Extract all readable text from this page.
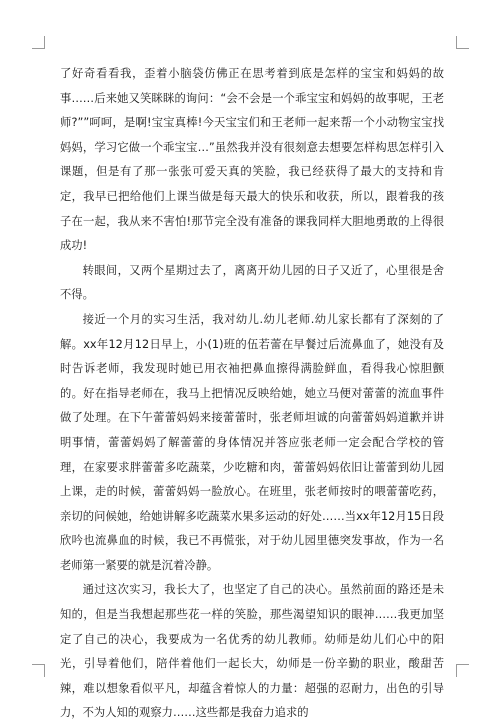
了好奇看看我，歪着小脑袋仿佛正在思考着到底是怎样的宝宝和妈妈的故事……后来她又笑眯眯的询问：“会不会是一个乖宝宝和妈妈的故事呢，王老师?””呵呵，是啊!宝宝真棒!今天宝宝们和王老师一起来帮一个小动物宝宝找妈妈，学习它做一个乖宝宝…”虽然我并没有很刻意去想要怎样构思怎样引入课题，但是有了那一张张可爱天真的笑脸，我已经获得了最大的支持和肯定，我早已把给他们上课当做是每天最大的快乐和收获，所以，跟着我的孩子在一起，我从来不害怕!那节完全没有准备的课我同样大胆地勇敢的上得很成功!

转眼间，又两个星期过去了，离离开幼儿园的日子又近了，心里很是舍不得。

接近一个月的实习生活，我对幼儿.幼儿老师.幼儿家长都有了深刻的了解。xx年12月12日早上，小(1)班的伍若蕾在早餐过后流鼻血了，她没有及时告诉老师，我发现时她已用衣袖把鼻血擦得满脸鲜血，看得我心惊胆颤的。好在指导老师在，我马上把情况反映给她，她立马便对蕾蕾的流血事件做了处理。在下午蕾蕾妈妈来接蕾蕾时，张老师坦诚的向蕾蕾妈妈道歉并讲明事情，蕾蕾妈妈了解蕾蕾的身体情况并答应张老师一定会配合学校的管理，在家要求胖蕾蕾多吃蔬菜，少吃糖和肉，蕾蕾妈妈依旧让蕾蕾到幼儿园上课，走的时候，蕾蕾妈妈一脸放心。在班里，张老师按时的喂蕾蕾吃药，亲切的问候她，给她讲解多吃蔬菜水果多运动的好处……当xx年12月15日段欣吟也流鼻血的时候，我已不再慌张，对于幼儿园里德突发事故，作为一名老师第一紧要的就是沉着冷静。

通过这次实习，我长大了，也坚定了自己的决心。虽然前面的路还是未知的，但是当我想起那些花一样的笑脸，那些渴望知识的眼神……我更加坚定了自己的决心，我要成为一名优秀的幼儿教师。幼师是幼儿们心中的阳光，引导着他们，陪伴着他们一起长大，幼师是一份辛勤的职业，酸甜苦辣，难以想象看似平凡，却蕴含着惊人的力量：超强的忍耐力，出色的引导力，不为人知的观察力……这些都是我奋力追求的
